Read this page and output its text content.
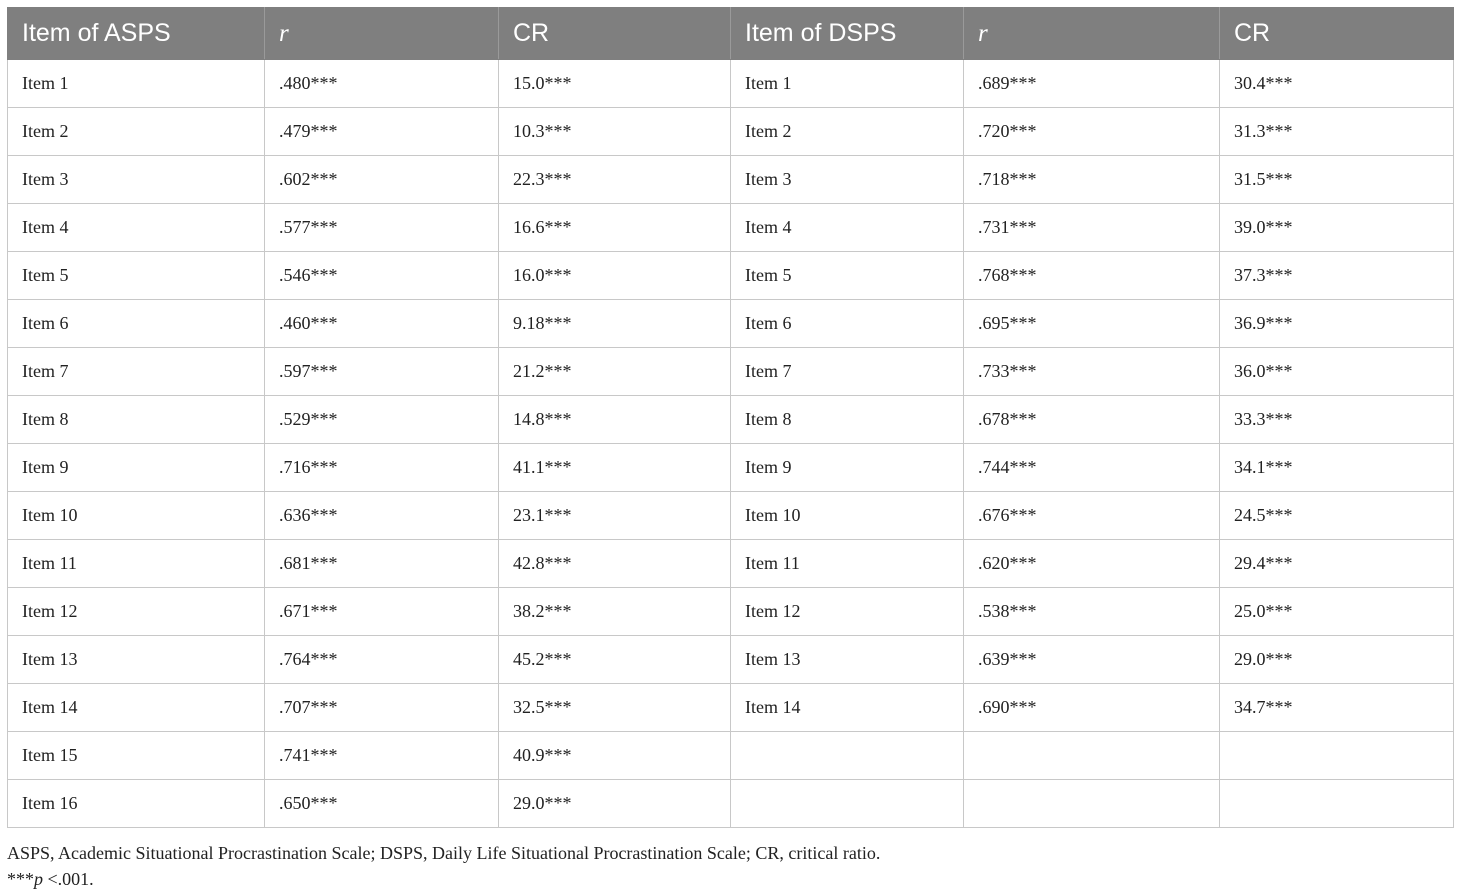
Item of ASPS	r	CR	Item of DSPS	r	CR
Item 1	.480***	15.0***	Item 1	.689***	30.4***
Item 2	.479***	10.3***	Item 2	.720***	31.3***
Item 3	.602***	22.3***	Item 3	.718***	31.5***
Item 4	.577***	16.6***	Item 4	.731***	39.0***
Item 5	.546***	16.0***	Item 5	.768***	37.3***
Item 6	.460***	9.18***	Item 6	.695***	36.9***
Item 7	.597***	21.2***	Item 7	.733***	36.0***
Item 8	.529***	14.8***	Item 8	.678***	33.3***
Item 9	.716***	41.1***	Item 9	.744***	34.1***
Item 10	.636***	23.1***	Item 10	.676***	24.5***
Item 11	.681***	42.8***	Item 11	.620***	29.4***
Item 12	.671***	38.2***	Item 12	.538***	25.0***
Item 13	.764***	45.2***	Item 13	.639***	29.0***
Item 14	.707***	32.5***	Item 14	.690***	34.7***
Item 15	.741***	40.9***			
Item 16	.650***	29.0***			
ASPS, Academic Situational Procrastination Scale; DSPS, Daily Life Situational Procrastination Scale; CR, critical ratio.
***p <.001.
